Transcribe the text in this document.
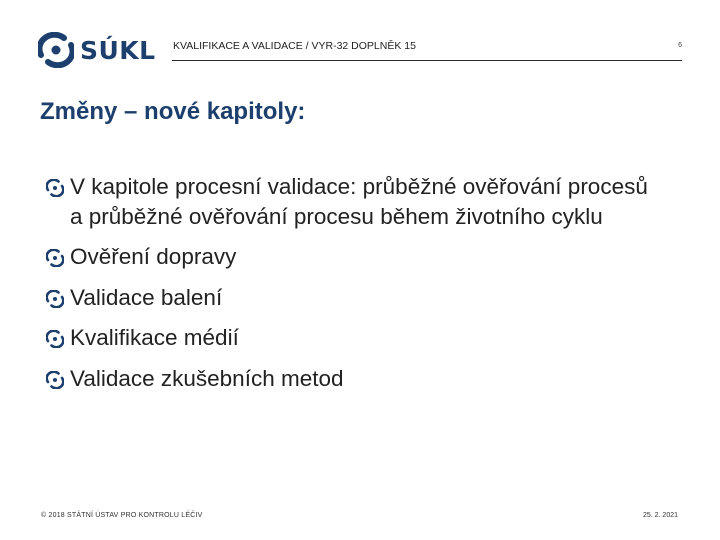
SÚKL KVALIFIKACE A VALIDACE / VYR-32 DOPLNĚK 15	6
Změny – nové kapitoly:
V kapitole procesní validace: průběžné ověřování procesů a průběžné ověřování procesu během životního cyklu
Ověření dopravy
Validace balení
Kvalifikace médií
Validace zkušebních metod
© 2018 STÁTNÍ ÚSTAV PRO KONTROLU LÉČIV	25. 2. 2021
